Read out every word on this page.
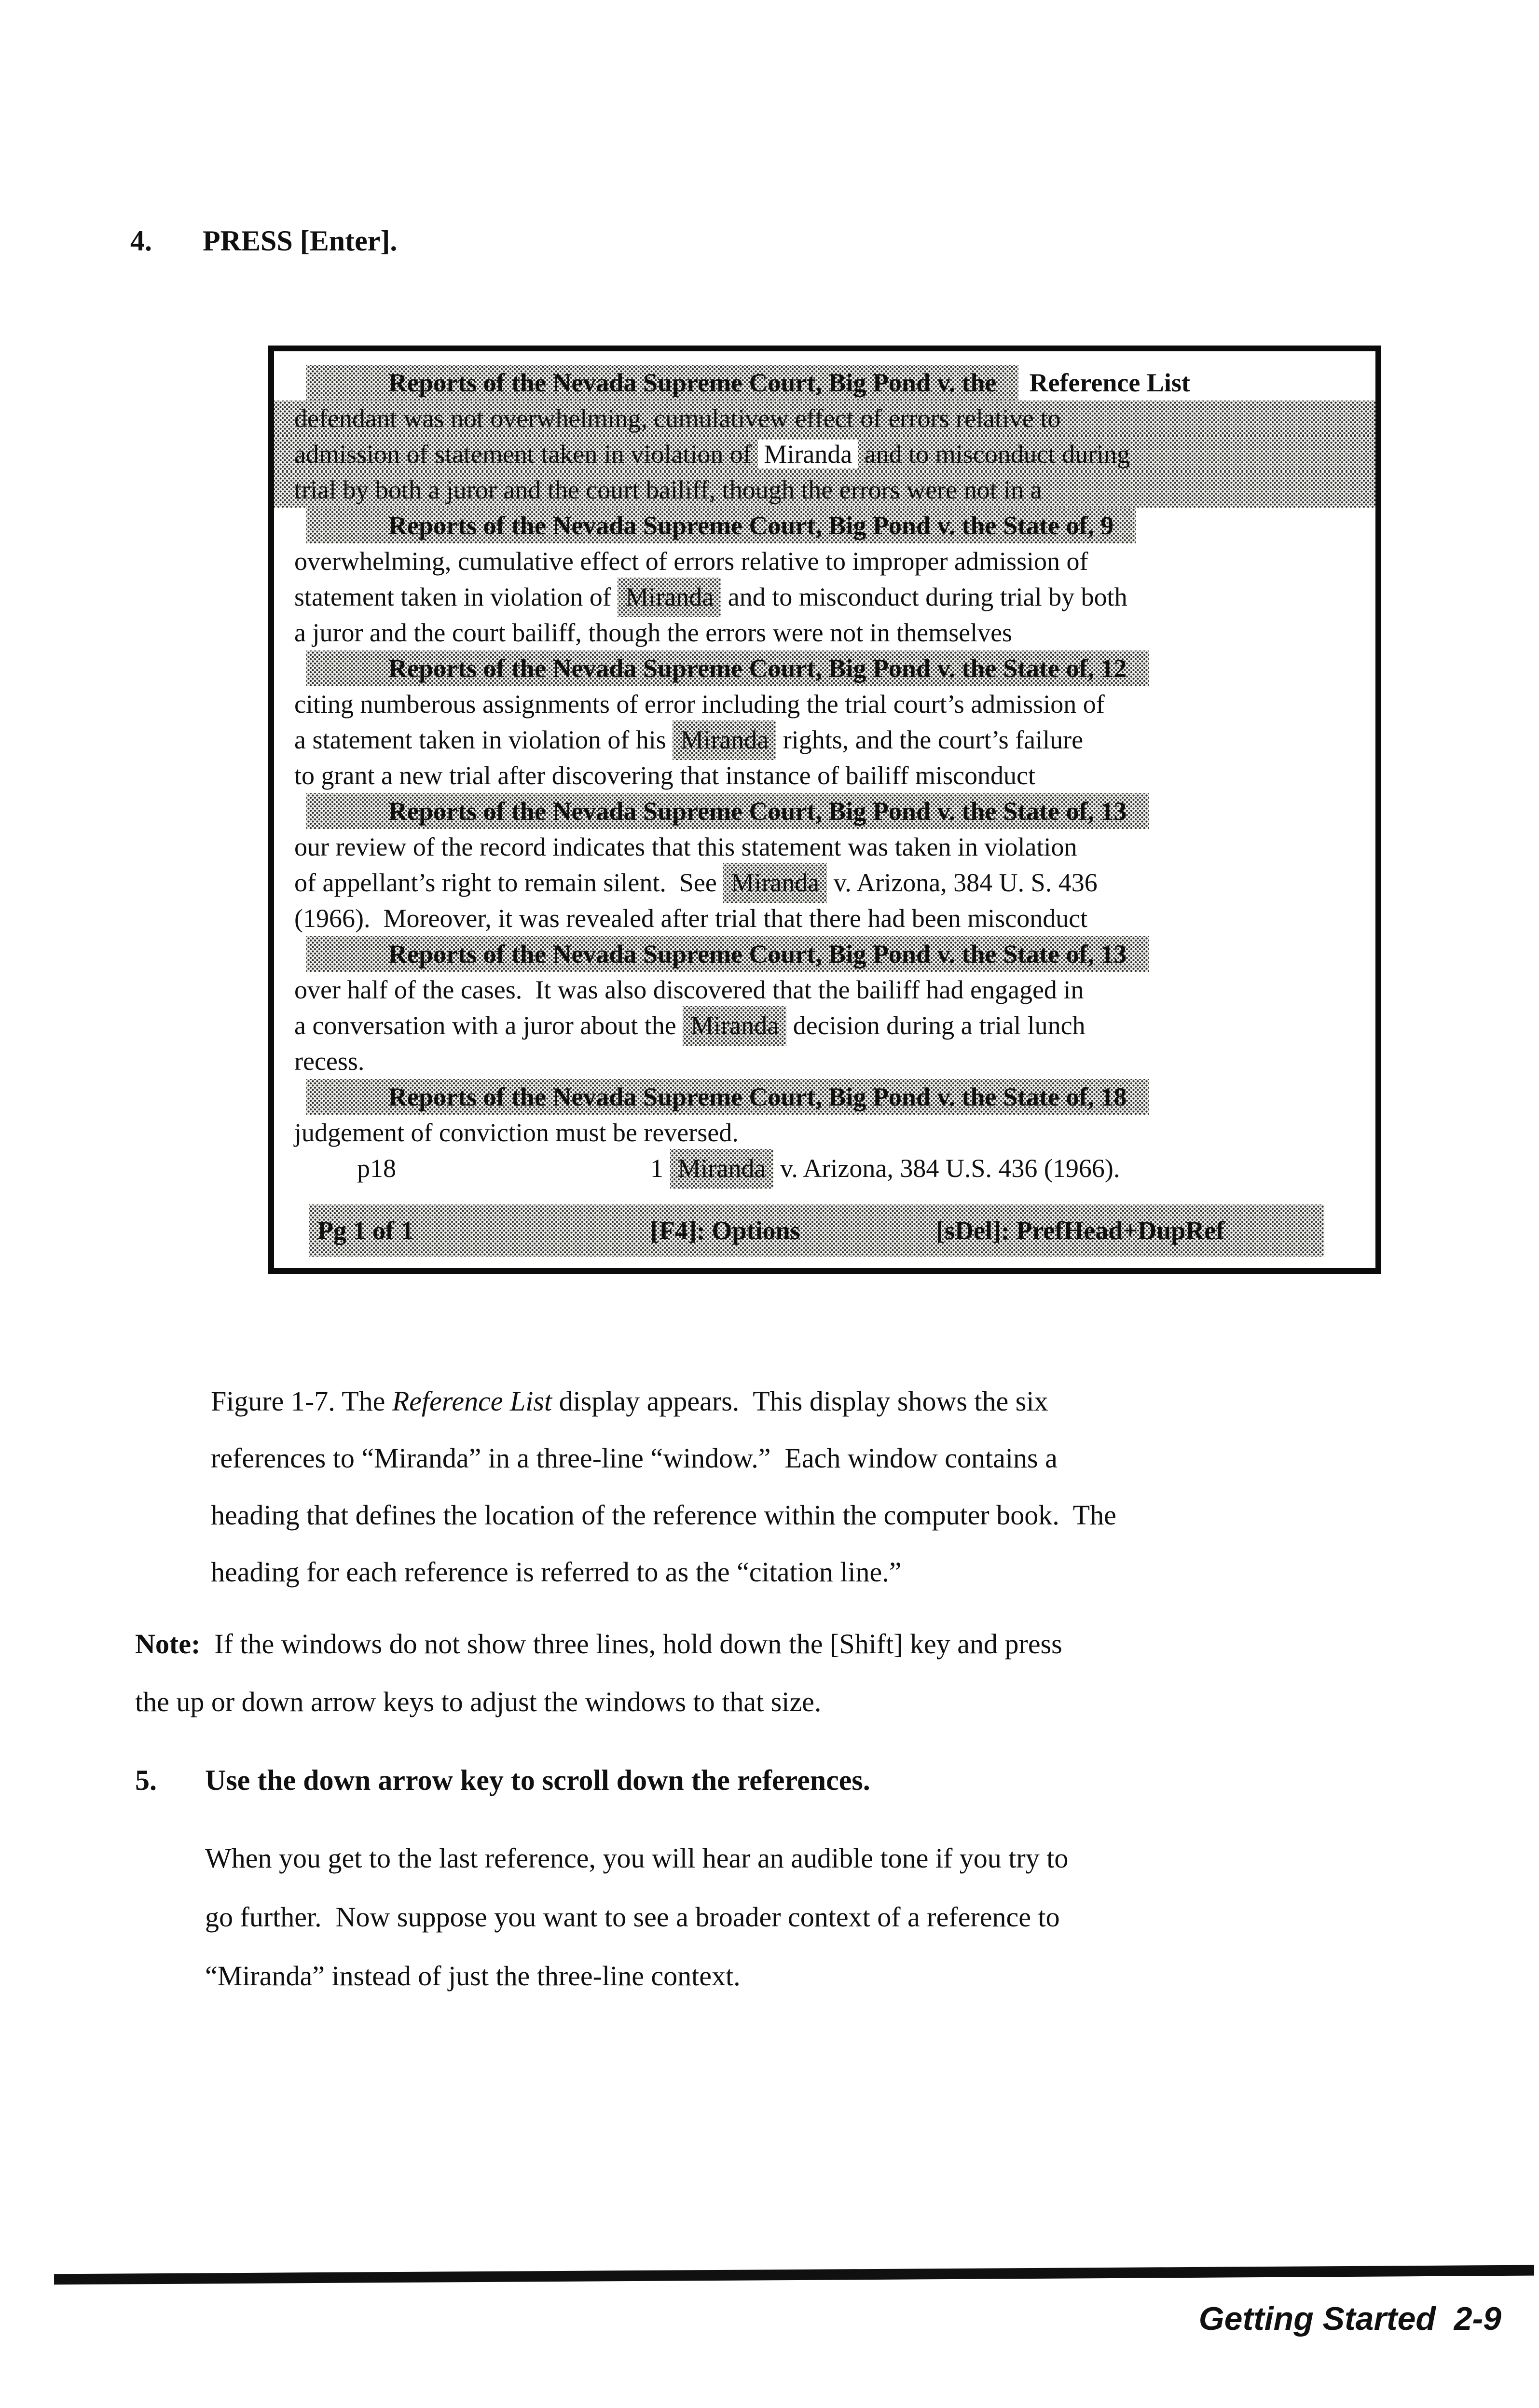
4.	PRESS [Enter].
Reports of the Nevada Supreme Court, Big Pond v. the Reference List
defendant was not overwhelming, cumulativew effect of errors relative to
admission of statement taken in violation of Miranda and to misconduct during
trial by both a juror and the court bailiff, though the errors were not in a
Reports of the Nevada Supreme Court, Big Pond v. the State of, 9
overwhelming, cumulative effect of errors relative to improper admission of
statement taken in violation of Miranda and to misconduct during trial by both
a juror and the court bailiff, though the errors were not in themselves
Reports of the Nevada Supreme Court, Big Pond v. the State of, 12
citing numberous assignments of error including the trial court’s admission of
a statement taken in violation of his Miranda rights, and the court’s failure
to grant a new trial after discovering that instance of bailiff misconduct
Reports of the Nevada Supreme Court, Big Pond v. the State of, 13
our review of the record indicates that this statement was taken in violation
of appellant’s right to remain silent.  See Miranda v. Arizona, 384 U. S. 436
(1966).  Moreover, it was revealed after trial that there had been misconduct
Reports of the Nevada Supreme Court, Big Pond v. the State of, 13
over half of the cases.  It was also discovered that the bailiff had engaged in
a conversation with a juror about the Miranda decision during a trial lunch
recess.
Reports of the Nevada Supreme Court, Big Pond v. the State of, 18
judgement of conviction must be reversed.
p18	1 Miranda v. Arizona, 384 U.S. 436 (1966).
Pg 1 of 1	[F4]: Options	[sDel]: PrefHead+DupRef
Figure 1-7. The Reference List display appears.  This display shows the six
references to “Miranda” in a three-line “window.”  Each window contains a
heading that defines the location of the reference within the computer book.  The
heading for each reference is referred to as the “citation line.”
Note:  If the windows do not show three lines, hold down the [Shift] key and press
the up or down arrow keys to adjust the windows to that size.
5.	Use the down arrow key to scroll down the references.
When you get to the last reference, you will hear an audible tone if you try to
go further.  Now suppose you want to see a broader context of a reference to
“Miranda” instead of just the three-line context.
Getting Started  2-9
